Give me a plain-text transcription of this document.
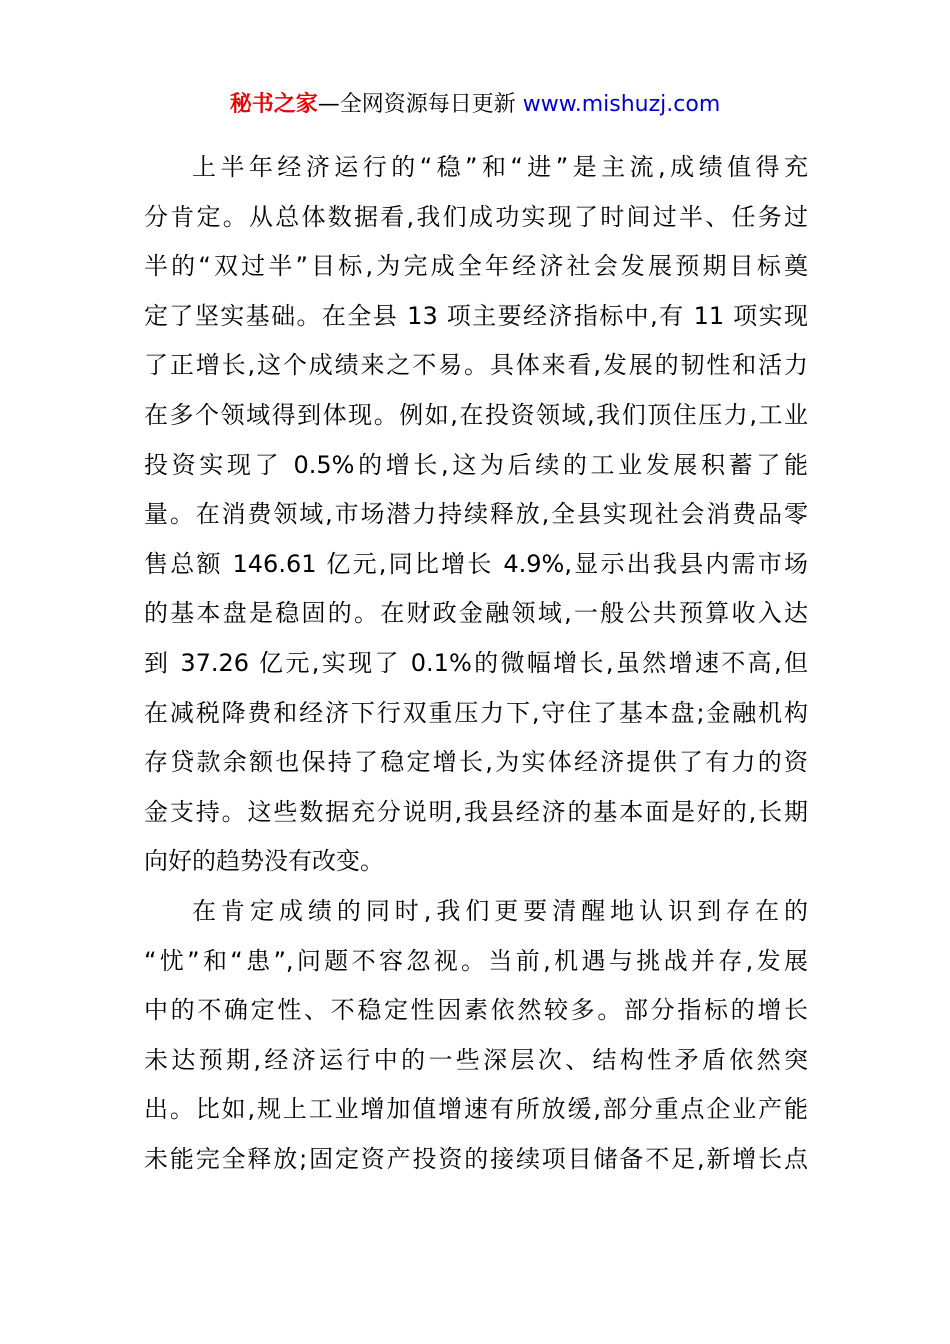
秘书之家—全网资源每日更新 www.mishuzj.com
上半年经济运行的“稳”和“进”是主流,成绩值得充
分肯定。从总体数据看,我们成功实现了时间过半、任务过
半的“双过半”目标,为完成全年经济社会发展预期目标奠
定了坚实基础。在全县 13 项主要经济指标中,有 11 项实现
了正增长,这个成绩来之不易。具体来看,发展的韧性和活力
在多个领域得到体现。例如,在投资领域,我们顶住压力,工业
投资实现了 0.5%的增长,这为后续的工业发展积蓄了能
量。在消费领域,市场潜力持续释放,全县实现社会消费品零
售总额 146.61 亿元,同比增长 4.9%,显示出我县内需市场
的基本盘是稳固的。在财政金融领域,一般公共预算收入达
到 37.26 亿元,实现了 0.1%的微幅增长,虽然增速不高,但
在减税降费和经济下行双重压力下,守住了基本盘;金融机构
存贷款余额也保持了稳定增长,为实体经济提供了有力的资
金支持。这些数据充分说明,我县经济的基本面是好的,长期
向好的趋势没有改变。
在肯定成绩的同时,我们更要清醒地认识到存在的
“忧”和“患”,问题不容忽视。当前,机遇与挑战并存,发展
中的不确定性、不稳定性因素依然较多。部分指标的增长
未达预期,经济运行中的一些深层次、结构性矛盾依然突
出。比如,规上工业增加值增速有所放缓,部分重点企业产能
未能完全释放;固定资产投资的接续项目储备不足,新增长点
